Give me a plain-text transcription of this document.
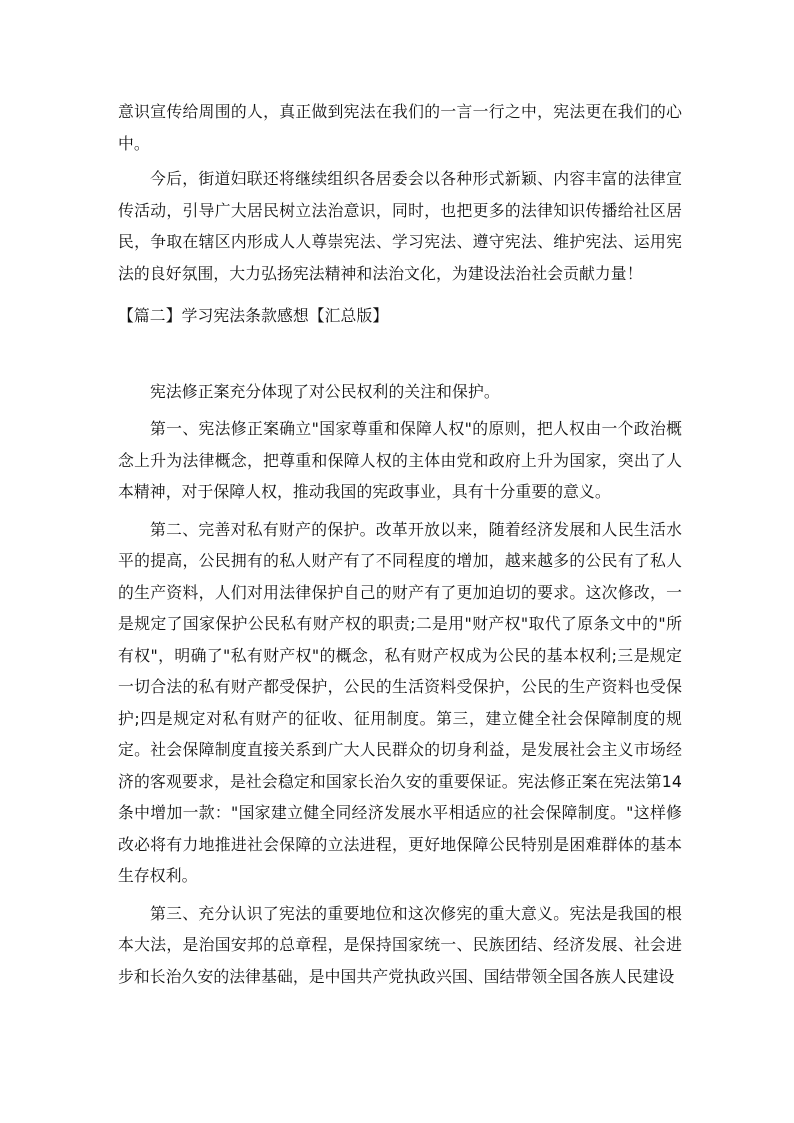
意识宣传给周围的人，真正做到宪法在我们的一言一行之中，宪法更在我们的心中。

今后，街道妇联还将继续组织各居委会以各种形式新颖、内容丰富的法律宣传活动，引导广大居民树立法治意识，同时，也把更多的法律知识传播给社区居民，争取在辖区内形成人人尊崇宪法、学习宪法、遵守宪法、维护宪法、运用宪法的良好氛围，大力弘扬宪法精神和法治文化，为建设法治社会贡献力量！

【篇二】学习宪法条款感想【汇总版】

宪法修正案充分体现了对公民权利的关注和保护。

第一、宪法修正案确立"国家尊重和保障人权"的原则，把人权由一个政治概念上升为法律概念，把尊重和保障人权的主体由党和政府上升为国家，突出了人本精神，对于保障人权，推动我国的宪政事业，具有十分重要的意义。

第二、完善对私有财产的保护。改革开放以来，随着经济发展和人民生活水平的提高，公民拥有的私人财产有了不同程度的增加，越来越多的公民有了私人的生产资料，人们对用法律保护自己的财产有了更加迫切的要求。这次修改，一是规定了国家保护公民私有财产权的职责;二是用"财产权"取代了原条文中的"所有权"，明确了"私有财产权"的概念，私有财产权成为公民的基本权利;三是规定一切合法的私有财产都受保护，公民的生活资料受保护，公民的生产资料也受保护;四是规定对私有财产的征收、征用制度。第三，建立健全社会保障制度的规定。社会保障制度直接关系到广大人民群众的切身利益，是发展社会主义市场经济的客观要求，是社会稳定和国家长治久安的重要保证。宪法修正案在宪法第14条中增加一款："国家建立健全同经济发展水平相适应的社会保障制度。"这样修改必将有力地推进社会保障的立法进程，更好地保障公民特别是困难群体的基本生存权利。

第三、充分认识了宪法的重要地位和这次修宪的重大意义。宪法是我国的根本大法，是治国安邦的总章程，是保持国家统一、民族团结、经济发展、社会进步和长治久安的法律基础，是中国共产党执政兴国、国结带领全国各族人民建设
